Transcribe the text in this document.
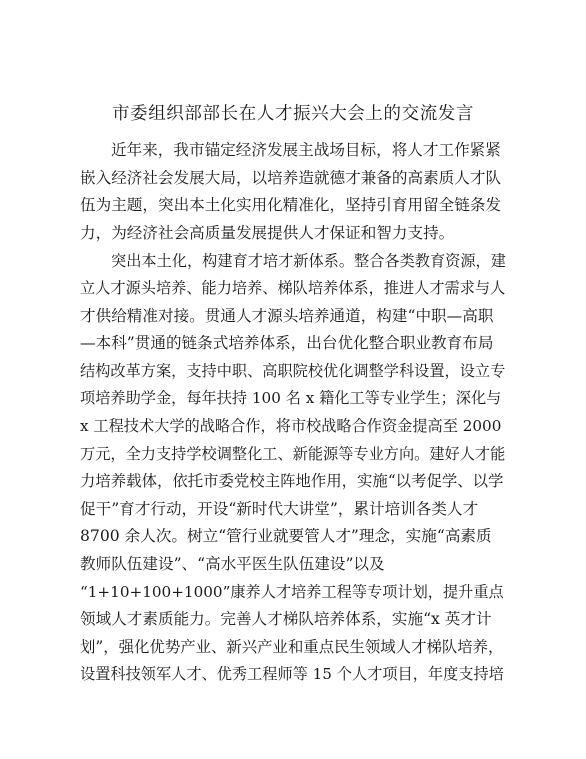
市委组织部部长在人才振兴大会上的交流发言
近年来，我市锚定经济发展主战场目标，将人才工作紧紧
嵌入经济社会发展大局，以培养造就德才兼备的高素质人才队
伍为主题，突出本土化实用化精准化，坚持引育用留全链条发
力，为经济社会高质量发展提供人才保证和智力支持。
突出本土化，构建育才培才新体系。整合各类教育资源，建
立人才源头培养、能力培养、梯队培养体系，推进人才需求与人
才供给精准对接。贯通人才源头培养通道，构建“中职—高职
—本科”贯通的链条式培养体系，出台优化整合职业教育布局
结构改革方案，支持中职、高职院校优化调整学科设置，设立专
项培养助学金，每年扶持 100 名 x 籍化工等专业学生；深化与
x 工程技术大学的战略合作，将市校战略合作资金提高至 2000
万元，全力支持学校调整化工、新能源等专业方向。建好人才能
力培养载体，依托市委党校主阵地作用，实施“以考促学、以学
促干”育才行动，开设“新时代大讲堂”，累计培训各类人才
8700 余人次。树立“管行业就要管人才”理念，实施“高素质
教师队伍建设”、“高水平医生队伍建设”以及
“1+10+100+1000”康养人才培养工程等专项计划，提升重点
领域人才素质能力。完善人才梯队培养体系，实施“x 英才计
划”，强化优势产业、新兴产业和重点民生领域人才梯队培养，
设置科技领军人才、优秀工程师等 15 个人才项目，年度支持培
